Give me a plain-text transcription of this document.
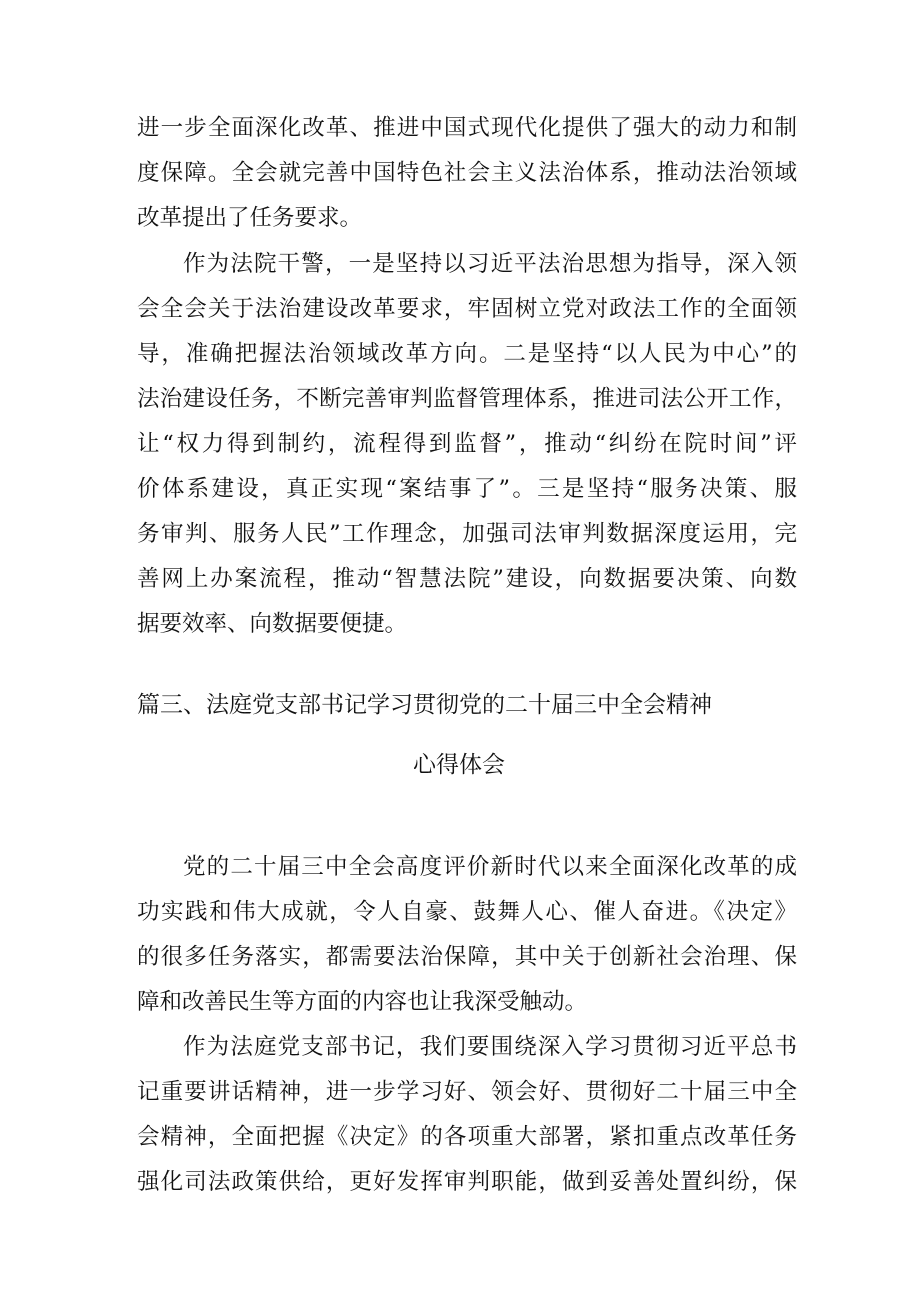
进一步全面深化改革、推进中国式现代化提供了强大的动力和制
度保障。全会就完善中国特色社会主义法治体系，推动法治领域
改革提出了任务要求。
作为法院干警，一是坚持以习近平法治思想为指导，深入领
会全会关于法治建设改革要求，牢固树立党对政法工作的全面领
导，准确把握法治领域改革方向。二是坚持“以人民为中心”的
法治建设任务，不断完善审判监督管理体系，推进司法公开工作，
让“权力得到制约，流程得到监督”，推动“纠纷在院时间”评
价体系建设，真正实现“案结事了”。三是坚持“服务决策、服
务审判、服务人民”工作理念，加强司法审判数据深度运用，完
善网上办案流程，推动“智慧法院”建设，向数据要决策、向数
据要效率、向数据要便捷。
篇三、法庭党支部书记学习贯彻党的二十届三中全会精神
心得体会
党的二十届三中全会高度评价新时代以来全面深化改革的成
功实践和伟大成就，令人自豪、鼓舞人心、催人奋进。《决定》
的很多任务落实，都需要法治保障，其中关于创新社会治理、保
障和改善民生等方面的内容也让我深受触动。
作为法庭党支部书记，我们要围绕深入学习贯彻习近平总书
记重要讲话精神，进一步学习好、领会好、贯彻好二十届三中全
会精神，全面把握《决定》的各项重大部署，紧扣重点改革任务
强化司法政策供给，更好发挥审判职能，做到妥善处置纠纷，保
